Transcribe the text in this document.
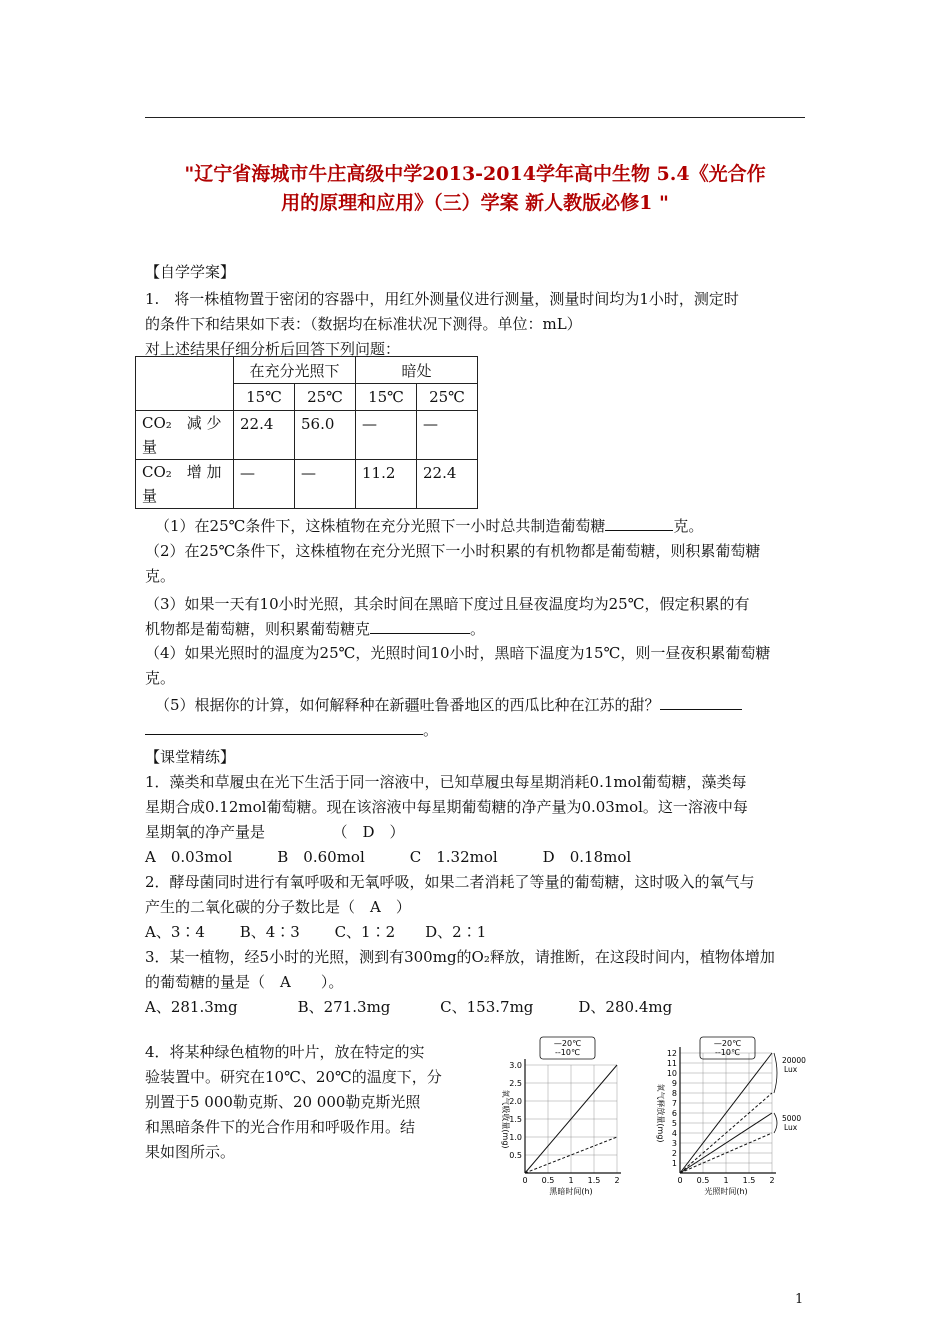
"辽宁省海城市牛庄高级中学2013-2014学年高中生物 5.4《光合作
用的原理和应用》（三）学案 新人教版必修1 "
【自学学案】
1.　将一株植物置于密闭的容器中，用红外测量仪进行测量，测量时间均为1小时，测定时
的条件下和结果如下表：（数据均在标准状况下测得。单位：mL）
对上述结果仔细分析后回答下列问题：
	在充分光照下		暗处	
	15℃	25℃	15℃	25℃
CO₂　减 少
量	22.4	56.0	—	—
CO₂　增 加
量	—	—	11.2	22.4
（1）在25℃条件下，这株植物在充分光照下一小时总共制造葡萄糖	克。
（2）在25℃条件下，这株植物在充分光照下一小时积累的有机物都是葡萄糖，则积累葡萄糖
克。
（3）如果一天有10小时光照，其余时间在黑暗下度过且昼夜温度均为25℃，假定积累的有
机物都是葡萄糖，则积累葡萄糖克	。
（4）如果光照时的温度为25℃，光照时间10小时，黑暗下温度为15℃，则一昼夜积累葡萄糖
克。
（5）根据你的计算，如何解释种在新疆吐鲁番地区的西瓜比种在江苏的甜？
。
【课堂精练】
1．藻类和草履虫在光下生活于同一溶液中，已知草履虫每星期消耗0.1mol葡萄糖，藻类每
星期合成0.12mol葡萄糖。现在该溶液中每星期葡萄糖的净产量为0.03mol。这一溶液中每
星期氧的净产量是　　　　　（　D　）
A　0.03mol　　　B　0.60mol　　　C　1.32mol　　　D　0.18mol
2．酵母菌同时进行有氧呼吸和无氧呼吸，如果二者消耗了等量的葡萄糖，这时吸入的氧气与
产生的二氧化碳的分子数比是（　A　）
A、3∶4　　 B、4∶3　　 C、1∶2　　D、2∶1
3．某一植物，经5小时的光照，测到有300mg的O₂释放，请推断，在这段时间内，植物体增加
的葡萄糖的量是（　A　　）。
A、281.3mg　　　　B、271.3mg　　　 C、153.7mg　　　D、280.4mg
4．将某种绿色植物的叶片，放在特定的实
验装置中。研究在10℃、20℃的温度下，分
别置于5 000勒克斯、20 000勒克斯光照
和黑暗条件下的光合作用和呼吸作用。结
果如图所示。	0.5
1.0
1.5
2.0
2.5
3.0
0 0.5 1 1.5 2
黑暗时间(h)
氧气吸收量(mg)
—20℃
--10℃
1
2
3
4
5
6
7
8
9
10
11
12
0 0.5 1 1.5 2
光照时间(h)
氧气释放量(mg)
—20℃
--10℃
20000
Lux
5000
Lux
1
